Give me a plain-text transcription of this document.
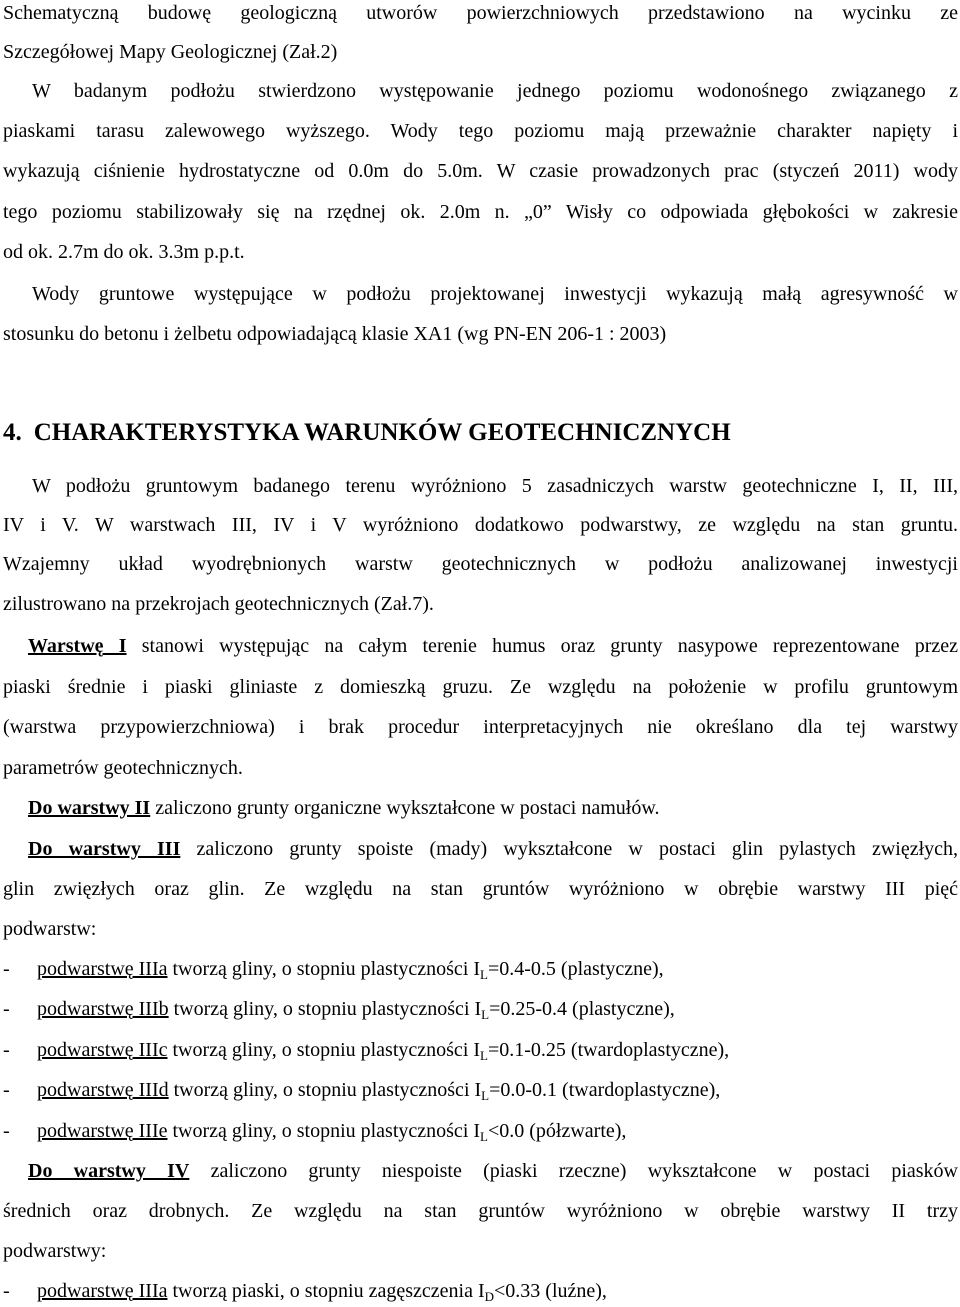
Schematyczną budowę geologiczną utworów powierzchniowych przedstawiono na wycinku ze
Szczegółowej Mapy Geologicznej (Zał.2)
W badanym podłożu stwierdzono występowanie jednego poziomu wodonośnego związanego z
piaskami tarasu zalewowego wyższego. Wody tego poziomu mają przeważnie charakter napięty i
wykazują ciśnienie hydrostatyczne od 0.0m do 5.0m. W czasie prowadzonych prac (styczeń 2011) wody
tego poziomu stabilizowały się na rzędnej ok. 2.0m n. „0” Wisły co odpowiada głębokości w zakresie
od ok. 2.7m do ok. 3.3m p.p.t.
Wody gruntowe występujące w podłożu projektowanej inwestycji wykazują małą agresywność w
stosunku do betonu i żelbetu odpowiadającą klasie XA1 (wg PN-EN 206-1 : 2003)
4. CHARAKTERYSTYKA WARUNKÓW GEOTECHNICZNYCH
W podłożu gruntowym badanego terenu wyróżniono 5 zasadniczych warstw geotechniczne I, II, III,
IV i V. W warstwach III, IV i V wyróżniono dodatkowo podwarstwy, ze względu na stan gruntu.
Wzajemny układ wyodrębnionych warstw geotechnicznych w podłożu analizowanej inwestycji
zilustrowano na przekrojach geotechnicznych (Zał.7).
Warstwę I stanowi występując na całym terenie humus oraz grunty nasypowe reprezentowane przez
piaski średnie i piaski gliniaste z domieszką gruzu. Ze względu na położenie w profilu gruntowym
(warstwa przypowierzchniowa) i brak procedur interpretacyjnych nie określano dla tej warstwy
parametrów geotechnicznych.
Do warstwy II zaliczono grunty organiczne wykształcone w postaci namułów.
Do warstwy III zaliczono grunty spoiste (mady) wykształcone w postaci glin pylastych zwięzłych,
glin zwięzłych oraz glin. Ze względu na stan gruntów wyróżniono w obrębie warstwy III pięć
podwarstw:
- podwarstwę IIIa tworzą gliny, o stopniu plastyczności $I_L=0.4-0.5$ (plastyczne),
- podwarstwę IIIb tworzą gliny, o stopniu plastyczności $I_L=0.25-0.4$ (plastyczne),
- podwarstwę IIIc tworzą gliny, o stopniu plastyczności $I_L=0.1-0.25$ (twardoplastyczne),
- podwarstwę IIId tworzą gliny, o stopniu plastyczności $I_L=0.0-0.1$ (twardoplastyczne),
- podwarstwę IIIe tworzą gliny, o stopniu plastyczności $I_L<0.0$ (półzwarte),
Do warstwy IV zaliczono grunty niespoiste (piaski rzeczne) wykształcone w postaci piasków
średnich oraz drobnych. Ze względu na stan gruntów wyróżniono w obrębie warstwy II trzy
podwarstwy:
- podwarstwę IIIa tworzą piaski, o stopniu zagęszczenia $I_D<0.33$ (luźne),
